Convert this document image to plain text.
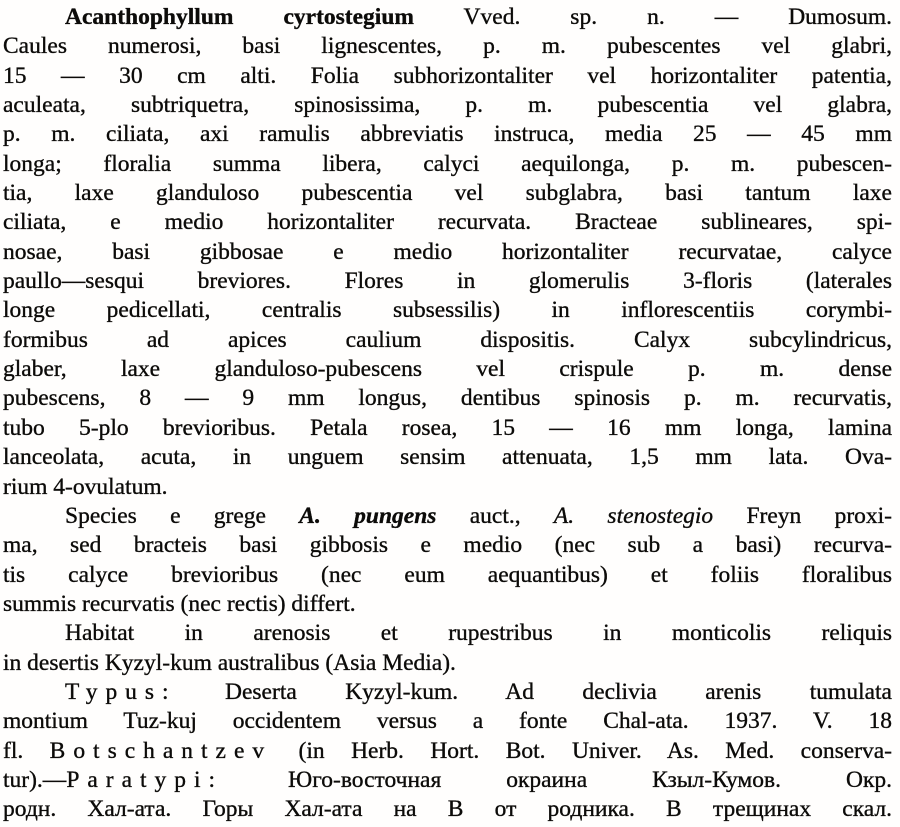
Acanthophyllum cyrtostegium Vved. sp. n. — Dumosum.
Caules numerosi, basi lignescentes, p. m. pubescentes vel glabri,
15 — 30 cm alti. Folia subhorizontaliter vel horizontaliter patentia,
aculeata, subtriquetra, spinosissima, p. m. pubescentia vel glabra,
p. m. ciliata, axi ramulis abbreviatis instruca, media 25 — 45 mm
longa; floralia summa libera, calyci aequilonga, p. m. pubescen-
tia, laxe glanduloso pubescentia vel subglabra, basi tantum laxe
ciliata, e medio horizontaliter recurvata. Bracteae sublineares, spi-
nosae, basi gibbosae e medio horizontaliter recurvatae, calyce
paullo—sesqui breviores. Flores in glomerulis 3-floris (laterales
longe pedicellati, centralis subsessilis) in inflorescentiis corymbi-
formibus ad apices caulium dispositis. Calyx subcylindricus,
glaber, laxe glanduloso-pubescens vel crispule p. m. dense
pubescens, 8 — 9 mm longus, dentibus spinosis p. m. recurvatis,
tubo 5-plo brevioribus. Petala rosea, 15 — 16 mm longa, lamina
lanceolata, acuta, in unguem sensim attenuata, 1,5 mm lata. Ova-
rium 4-ovulatum.
Species e grege A. pungens auct., A. stenostegio Freyn proxi-
ma, sed bracteis basi gibbosis e medio (nec sub a basi) recurva-
tis calyce brevioribus (nec eum aequantibus) et foliis floralibus
summis recurvatis (nec rectis) differt.
Habitat in arenosis et rupestribus in monticolis reliquis
in desertis Kyzyl-kum australibus (Asia Media).
Typus: Deserta Kyzyl-kum. Ad declivia arenis tumulata
montium Tuz-kuj occidentem versus a fonte Chal-ata. 1937. V. 18
fl. Botschantzev (in Herb. Hort. Bot. Univer. As. Med. conserva-
tur).—Paratypi: Юго-восточная окраина Кзыл-Кумов. Окр.
родн. Хал-ата. Горы Хал-ата на В от родника. В трещинах скал.
